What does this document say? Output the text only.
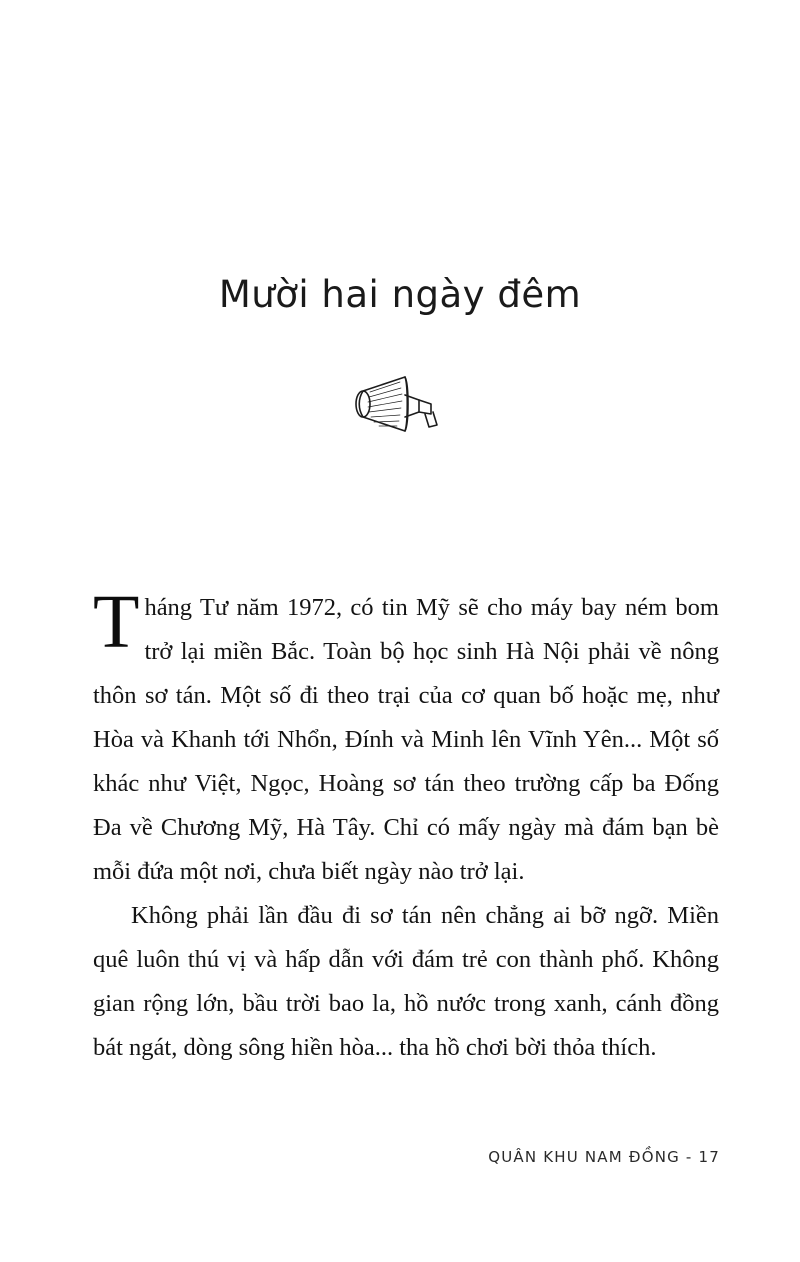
Mười hai ngày đêm

Tháng Tư năm 1972, có tin Mỹ sẽ cho máy bay ném bom trở lại miền Bắc. Toàn bộ học sinh Hà Nội phải về nông thôn sơ tán. Một số đi theo trại của cơ quan bố hoặc mẹ, như Hòa và Khanh tới Nhổn, Đính và Minh lên Vĩnh Yên... Một số khác như Việt, Ngọc, Hoàng sơ tán theo trường cấp ba Đống Đa về Chương Mỹ, Hà Tây. Chỉ có mấy ngày mà đám bạn bè mỗi đứa một nơi, chưa biết ngày nào trở lại.

Không phải lần đầu đi sơ tán nên chẳng ai bỡ ngỡ. Miền quê luôn thú vị và hấp dẫn với đám trẻ con thành phố. Không gian rộng lớn, bầu trời bao la, hồ nước trong xanh, cánh đồng bát ngát, dòng sông hiền hòa... tha hồ chơi bời thỏa thích.

QUÂN KHU NAM ĐỒNG - 17
